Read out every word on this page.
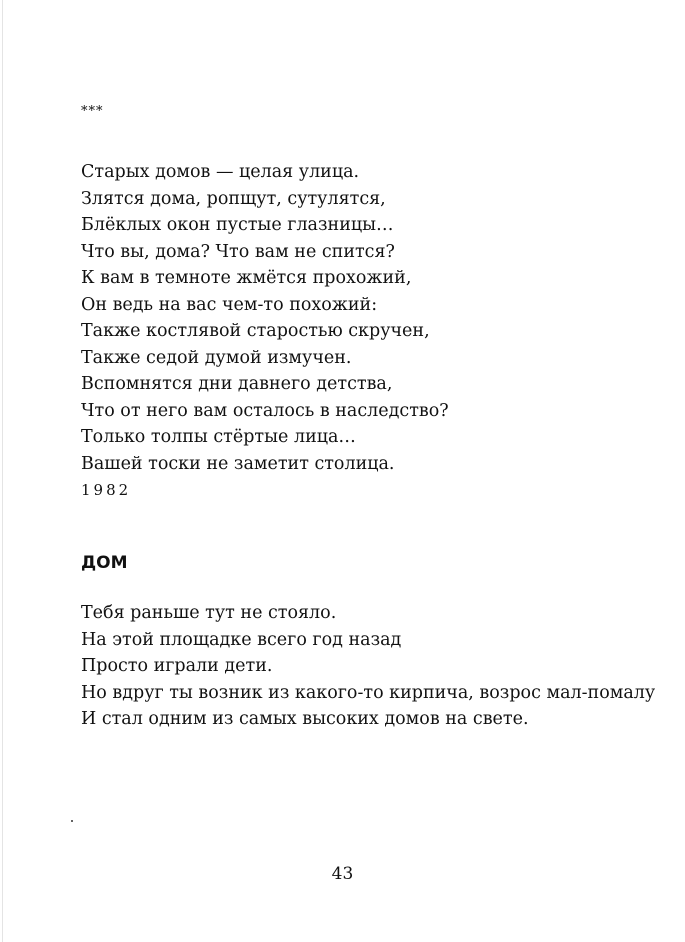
***
Старых домов — целая улица.
Злятся дома, ропщут, сутулятся,
Блёклых окон пустые глазницы…
Что вы, дома? Что вам не спится?
К вам в темноте жмётся прохожий,
Он ведь на вас чем-то похожий:
Также костлявой старостью скручен,
Также седой думой измучен.
Вспомнятся дни давнего детства,
Что от него вам осталось в наследство?
Только толпы стёртые лица…
Вашей тоски не заметит столица.
1982
ДОМ
Тебя раньше тут не стояло.
На этой площадке всего год назад
Просто играли дети.
Но вдруг ты возник из какого-то кирпича, возрос мал-помалу
И стал одним из самых высоких домов на свете.
43
